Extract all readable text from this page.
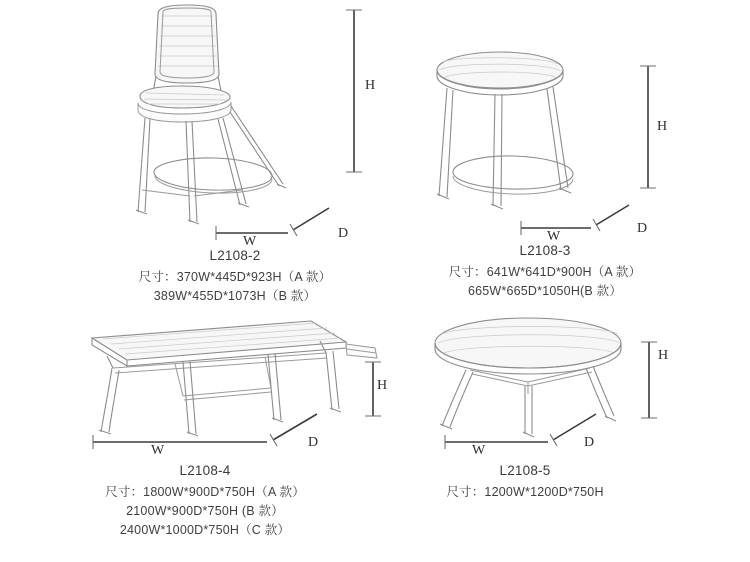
H
W
D
L2108-2
尺寸：370W*445D*923H（A 款）
389W*455D*1073H（B 款）
H
W
D
L2108-3
尺寸：641W*641D*900H（A 款）
665W*665D*1050H(B 款）
H
W
D
L2108-4
尺寸：1800W*900D*750H（A 款）
2100W*900D*750H (B 款）
2400W*1000D*750H（C 款）
H
W
D
L2108-5
尺寸：1200W*1200D*750H
